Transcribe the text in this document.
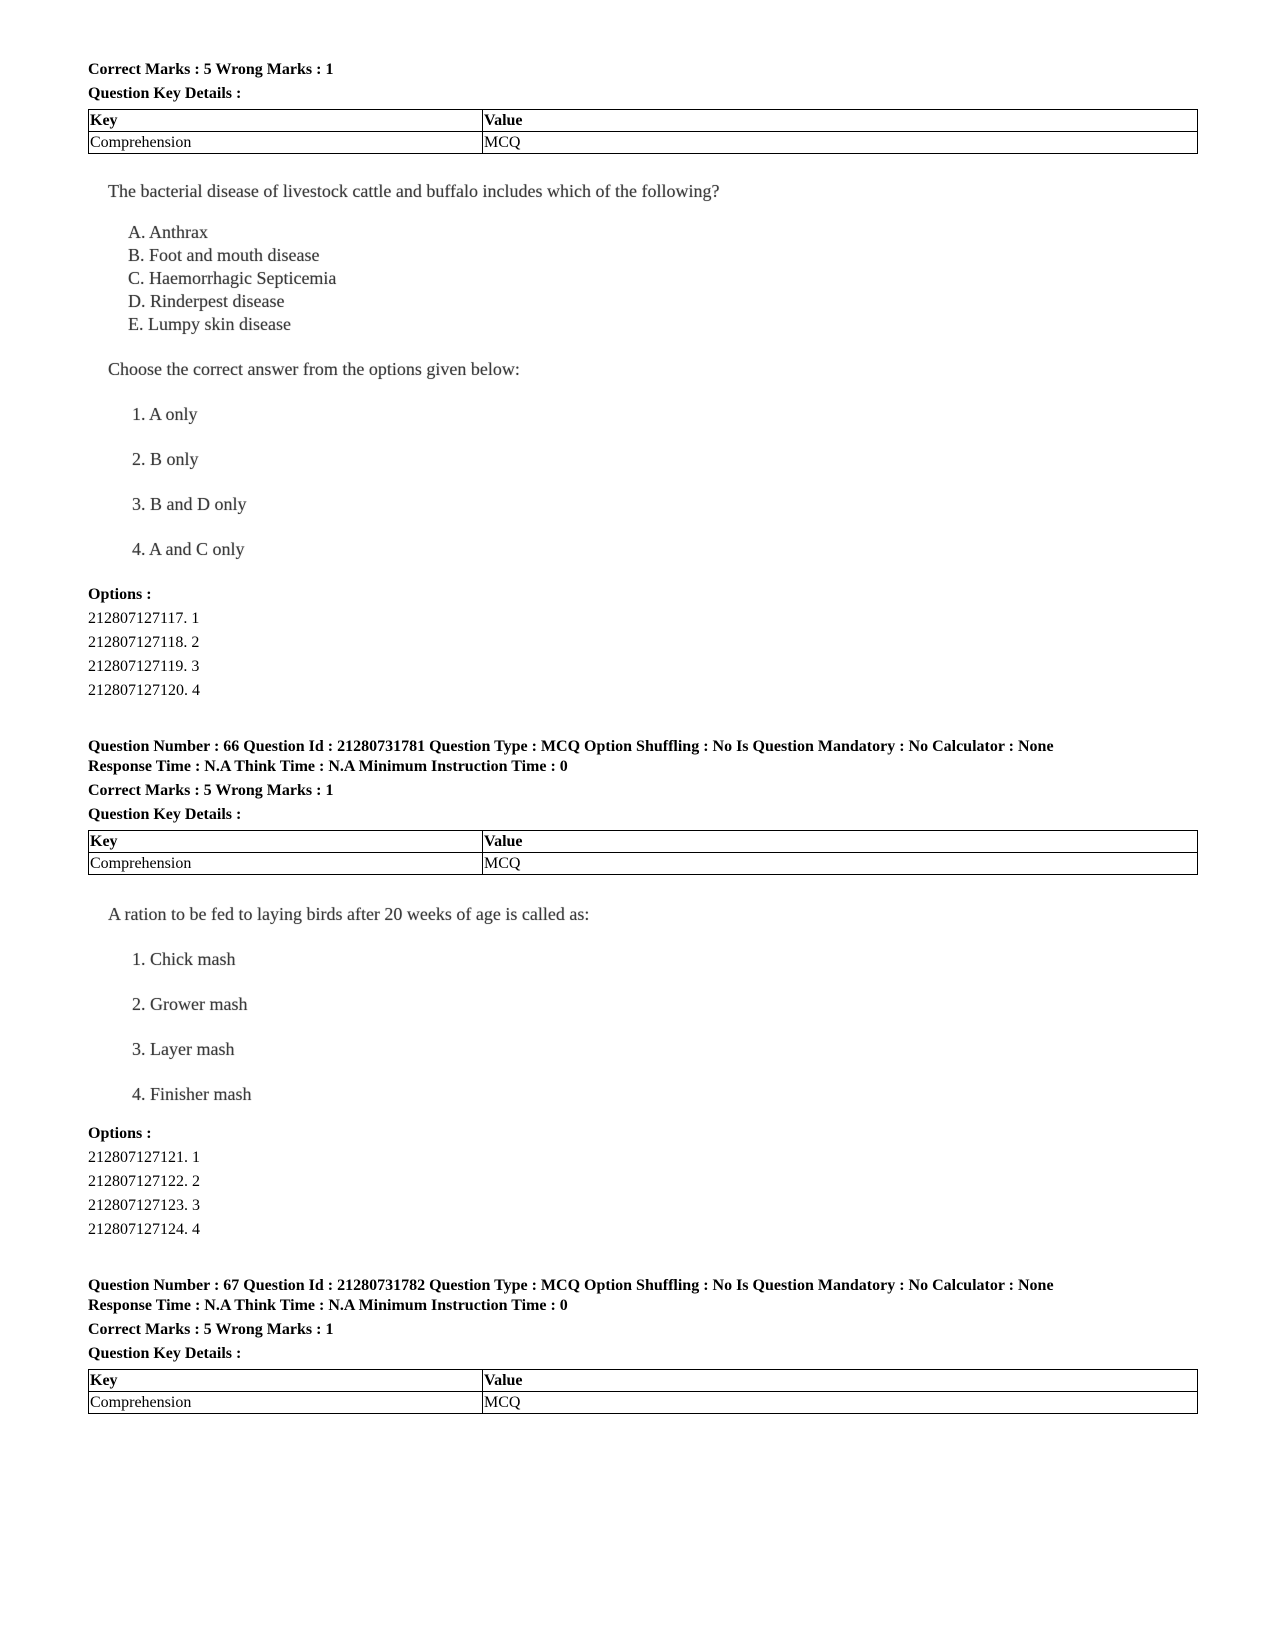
Correct Marks : 5 Wrong Marks : 1
Question Key Details :
Key	Value
Comprehension	MCQ
The bacterial disease of livestock cattle and buffalo includes which of the following?
A. Anthrax
B. Foot and mouth disease
C. Haemorrhagic Septicemia
D. Rinderpest disease
E. Lumpy skin disease
Choose the correct answer from the options given below:
1. A only
2. B only
3. B and D only
4. A and C only
Options :
212807127117. 1
212807127118. 2
212807127119. 3
212807127120. 4
Question Number : 66 Question Id : 21280731781 Question Type : MCQ Option Shuffling : No Is Question Mandatory : No Calculator : None
Response Time : N.A Think Time : N.A Minimum Instruction Time : 0
Correct Marks : 5 Wrong Marks : 1
Question Key Details :
Key	Value
Comprehension	MCQ
A ration to be fed to laying birds after 20 weeks of age is called as:
1. Chick mash
2. Grower mash
3. Layer mash
4. Finisher mash
Options :
212807127121. 1
212807127122. 2
212807127123. 3
212807127124. 4
Question Number : 67 Question Id : 21280731782 Question Type : MCQ Option Shuffling : No Is Question Mandatory : No Calculator : None
Response Time : N.A Think Time : N.A Minimum Instruction Time : 0
Correct Marks : 5 Wrong Marks : 1
Question Key Details :
Key	Value
Comprehension	MCQ
